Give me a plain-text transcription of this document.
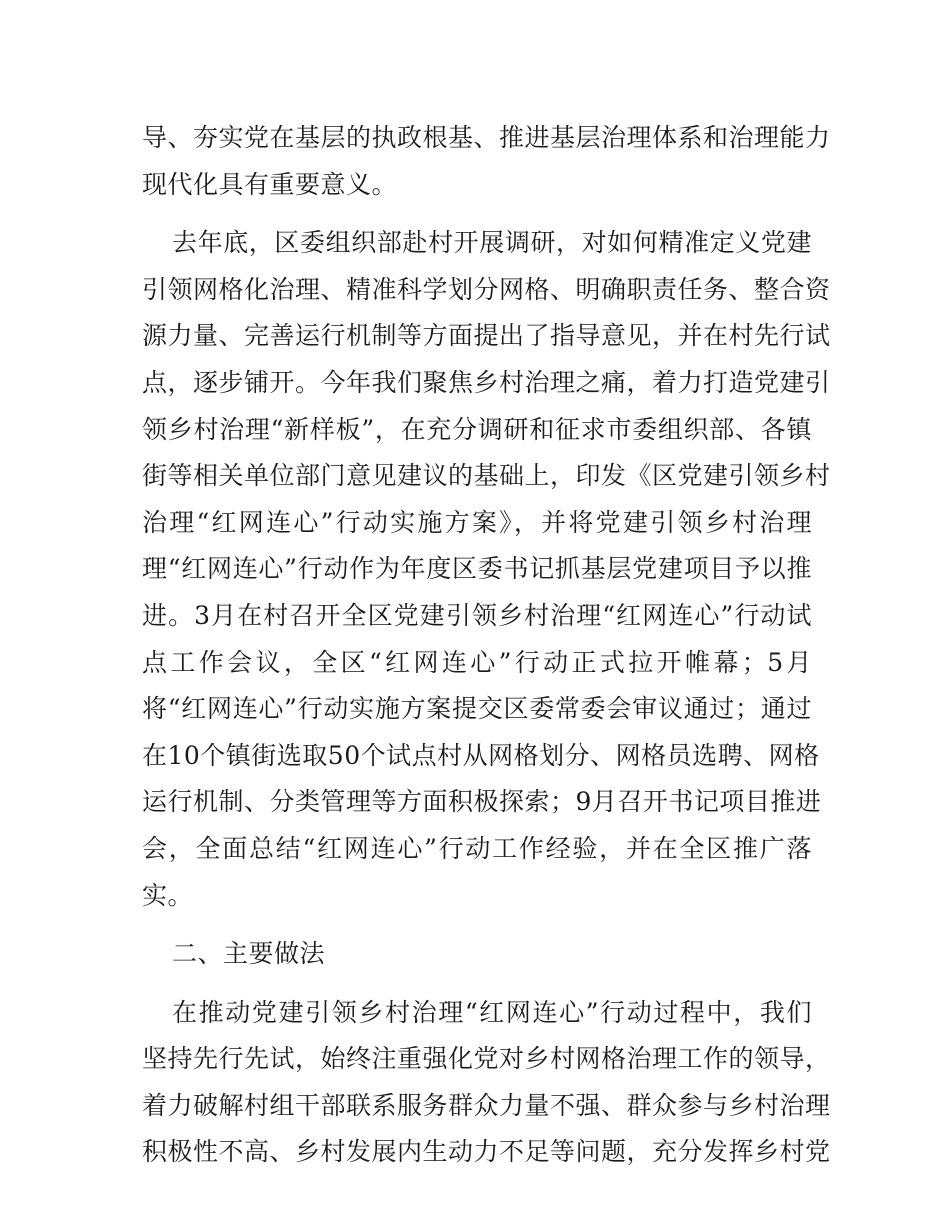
导、夯实党在基层的执政根基、推进基层治理体系和治理能力
现代化具有重要意义。
去年底，区委组织部赴村开展调研，对如何精准定义党建
引领网格化治理、精准科学划分网格、明确职责任务、整合资
源力量、完善运行机制等方面提出了指导意见，并在村先行试
点，逐步铺开。今年我们聚焦乡村治理之痛，着力打造党建引
领乡村治理“新样板”，在充分调研和征求市委组织部、各镇
街等相关单位部门意见建议的基础上，印发《区党建引领乡村
治理“红网连心”行动实施方案》，并将党建引领乡村治理
理“红网连心”行动作为年度区委书记抓基层党建项目予以推
进。3月在村召开全区党建引领乡村治理“红网连心”行动试
点工作会议，全区“红网连心”行动正式拉开帷幕；5月
将“红网连心”行动实施方案提交区委常委会审议通过；通过
在10个镇街选取50个试点村从网格划分、网格员选聘、网格
运行机制、分类管理等方面积极探索；9月召开书记项目推进
会，全面总结“红网连心”行动工作经验，并在全区推广落
实。
二、主要做法
在推动党建引领乡村治理“红网连心”行动过程中，我们
坚持先行先试，始终注重强化党对乡村网格治理工作的领导，
着力破解村组干部联系服务群众力量不强、群众参与乡村治理
积极性不高、乡村发展内生动力不足等问题，充分发挥乡村党
